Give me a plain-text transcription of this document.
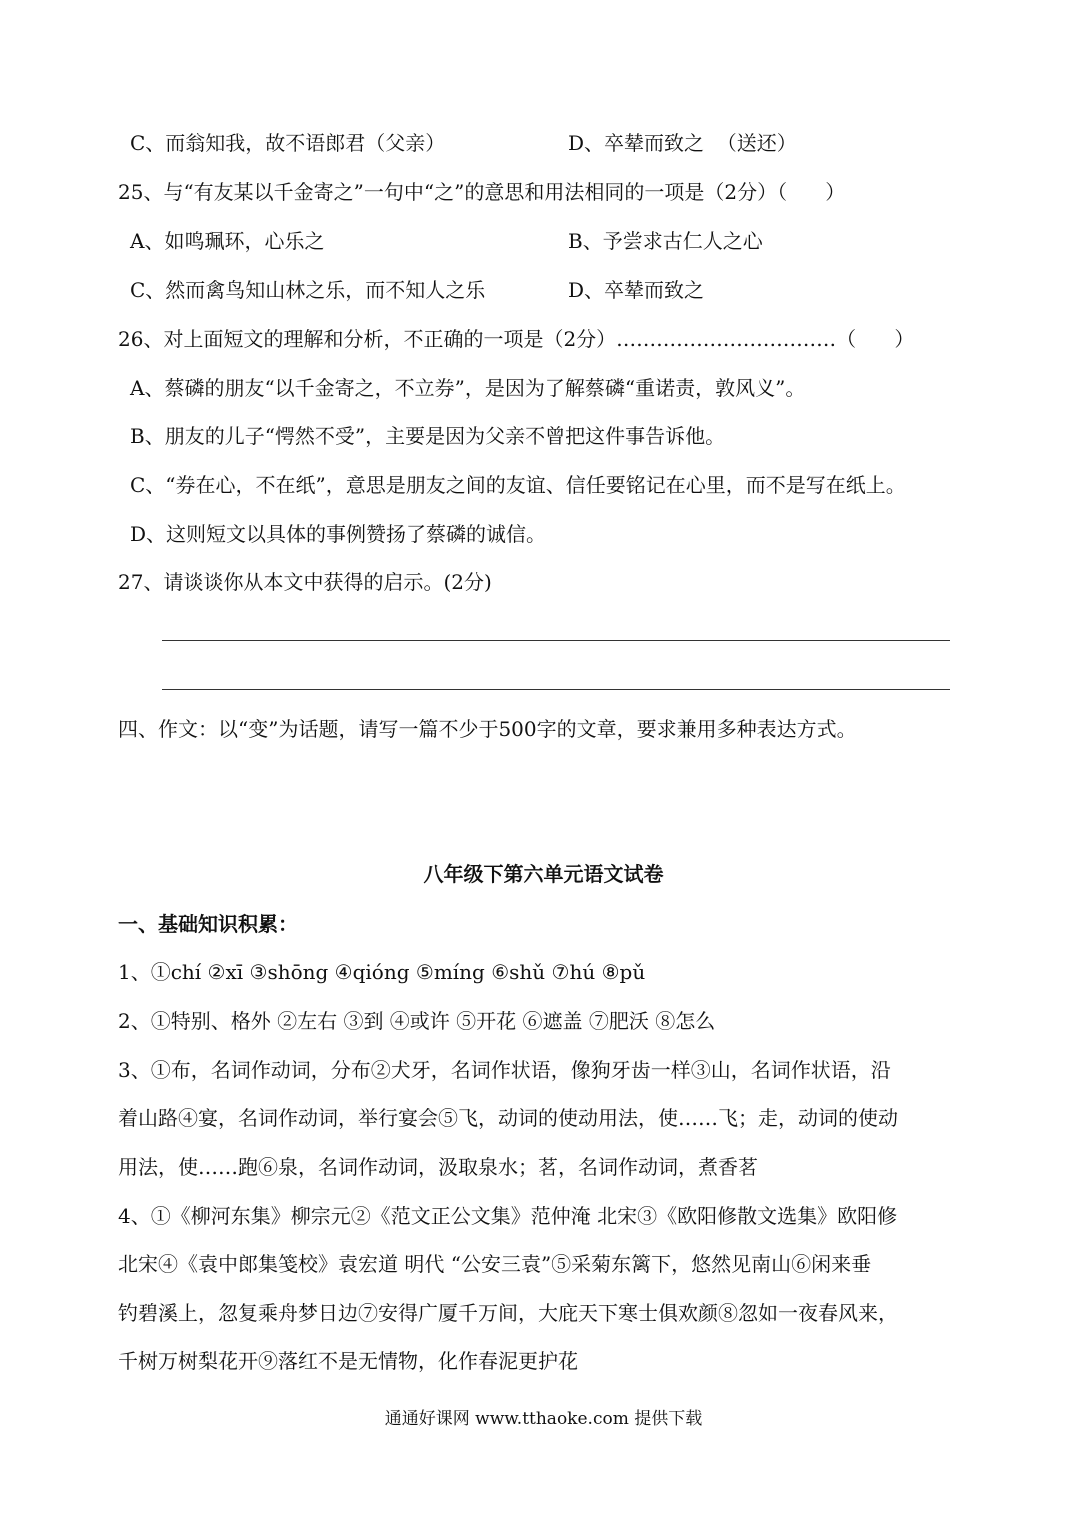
C、而翁知我，故不语郎君（父亲）	D、卒辇而致之  （送还）
25、与“有友某以千金寄之”一句中“之”的意思和用法相同的一项是（2分）（      ）
A、如鸣珮环，心乐之	B、予尝求古仁人之心
C、然而禽鸟知山林之乐，而不知人之乐	D、卒辇而致之
26、对上面短文的理解和分析，不正确的一项是（2分）……………………………（      ）
A、蔡磷的朋友“以千金寄之，不立券”，是因为了解蔡磷“重诺责，敦风义”。
B、朋友的儿子“愕然不受”，主要是因为父亲不曾把这件事告诉他。
C、“券在心，不在纸”，意思是朋友之间的友谊、信任要铭记在心里，而不是写在纸上。
D、这则短文以具体的事例赞扬了蔡磷的诚信。
27、请谈谈你从本文中获得的启示。(2分)
四、作文：以“变”为话题，请写一篇不少于500字的文章，要求兼用多种表达方式。
八年级下第六单元语文试卷
一、基础知识积累：
1、①chí ②xī ③shōng ④qióng ⑤míng ⑥shǔ ⑦hú ⑧pǔ
2、①特别、格外 ②左右 ③到 ④或许 ⑤开花 ⑥遮盖 ⑦肥沃 ⑧怎么
3、①布，名词作动词，分布②犬牙，名词作状语，像狗牙齿一样③山，名词作状语，沿
着山路④宴，名词作动词，举行宴会⑤飞，动词的使动用法，使……飞；走，动词的使动
用法，使……跑⑥泉，名词作动词，汲取泉水；茗，名词作动词，煮香茗
4、①《柳河东集》柳宗元②《范文正公文集》范仲淹 北宋③《欧阳修散文选集》欧阳修
北宋④《袁中郎集笺校》袁宏道 明代 “公安三袁”⑤采菊东篱下，悠然见南山⑥闲来垂
钓碧溪上，忽复乘舟梦日边⑦安得广厦千万间，大庇天下寒士俱欢颜⑧忽如一夜春风来，
千树万树梨花开⑨落红不是无情物，化作春泥更护花
通通好课网 www.tthaoke.com 提供下载
